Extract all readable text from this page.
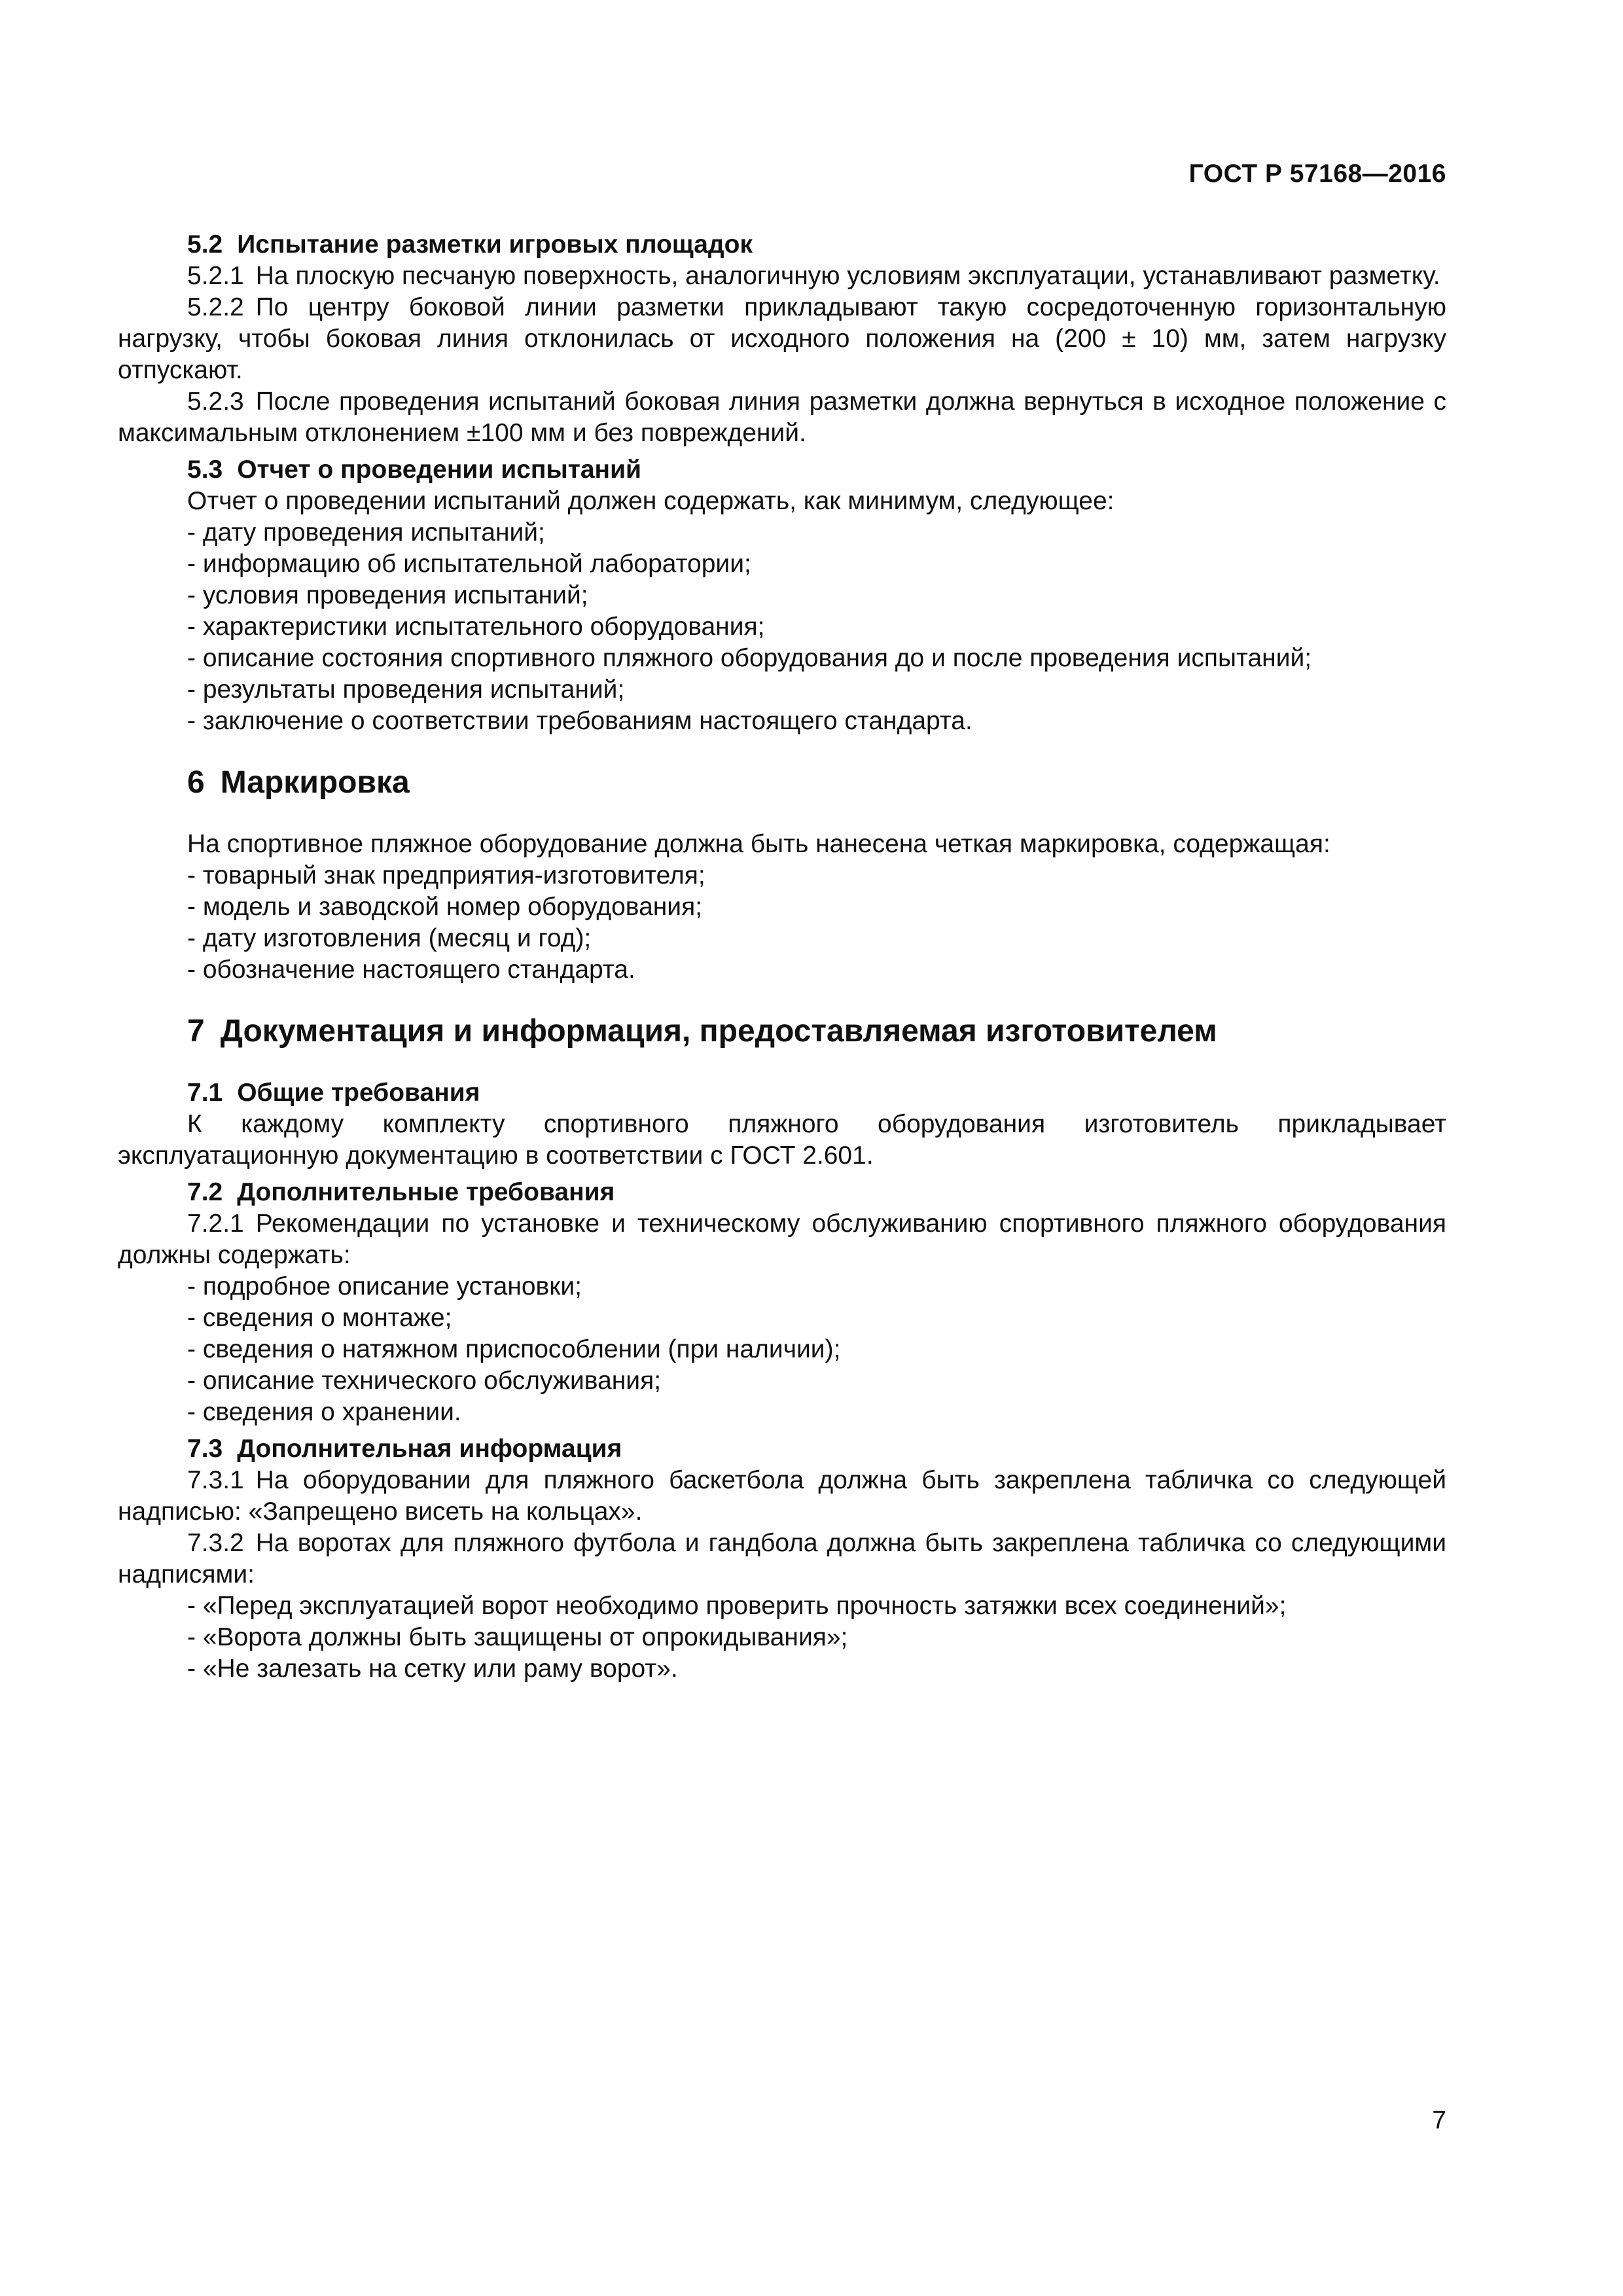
ГОСТ Р 57168—2016
5.2 Испытание разметки игровых площадок

5.2.1 На плоскую песчаную поверхность, аналогичную условиям эксплуатации, устанавливают разметку.

5.2.2 По центру боковой линии разметки прикладывают такую сосредоточенную горизонтальную нагрузку, чтобы боковая линия отклонилась от исходного положения на (200 ± 10) мм, затем нагрузку отпускают.

5.2.3 После проведения испытаний боковая линия разметки должна вернуться в исходное положение с максимальным отклонением ±100 мм и без повреждений.

5.3 Отчет о проведении испытаний

Отчет о проведении испытаний должен содержать, как минимум, следующее:

- дату проведения испытаний;
- информацию об испытательной лаборатории;
- условия проведения испытаний;
- характеристики испытательного оборудования;
- описание состояния спортивного пляжного оборудования до и после проведения испытаний;
- результаты проведения испытаний;
- заключение о соответствии требованиям настоящего стандарта.
6 Маркировка

На спортивное пляжное оборудование должна быть нанесена четкая маркировка, содержащая:

- товарный знак предприятия-изготовителя;
- модель и заводской номер оборудования;
- дату изготовления (месяц и год);
- обозначение настоящего стандарта.
7 Документация и информация, предоставляемая изготовителем
7.1 Общие требования

К каждому комплекту спортивного пляжного оборудования изготовитель прикладывает эксплуатационную документацию в соответствии с ГОСТ 2.601.

7.2 Дополнительные требования

7.2.1 Рекомендации по установке и техническому обслуживанию спортивного пляжного оборудования должны содержать:

- подробное описание установки;
- сведения о монтаже;
- сведения о натяжном приспособлении (при наличии);
- описание технического обслуживания;
- сведения о хранении.
7.3 Дополнительная информация

7.3.1 На оборудовании для пляжного баскетбола должна быть закреплена табличка со следующей надписью: «Запрещено висеть на кольцах».

7.3.2 На воротах для пляжного футбола и гандбола должна быть закреплена табличка со следующими надписями:

- «Перед эксплуатацией ворот необходимо проверить прочность затяжки всех соединений»;
- «Ворота должны быть защищены от опрокидывания»;
- «Не залезать на сетку или раму ворот».
7
